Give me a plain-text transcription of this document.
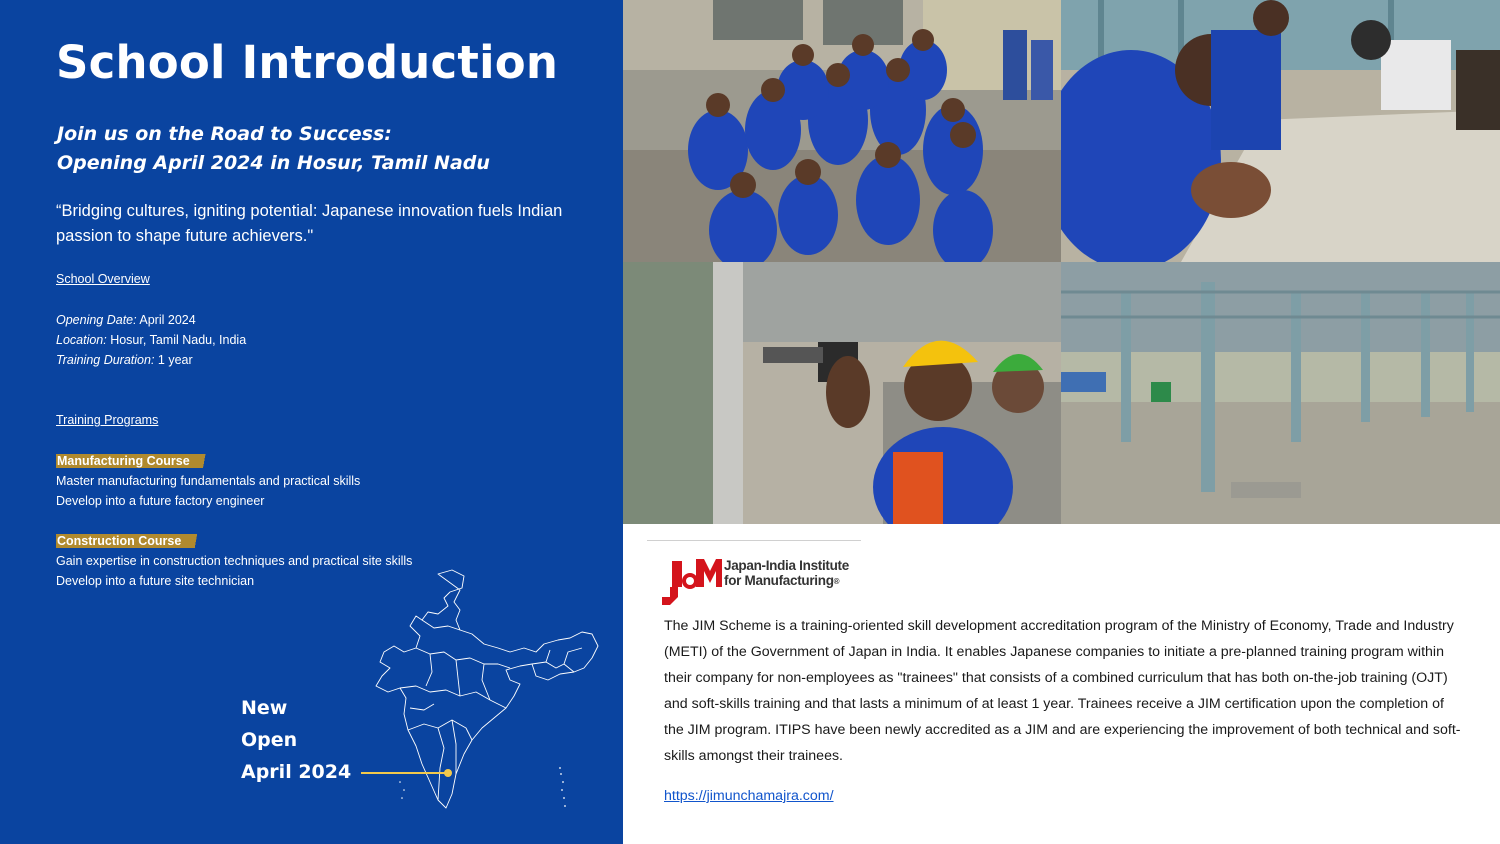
School Introduction
Join us on the Road to Success:
Opening April 2024 in Hosur, Tamil Nadu
“Bridging cultures, igniting potential: Japanese innovation fuels Indian passion to shape future achievers."
School Overview
Opening Date: April 2024
Location: Hosur, Tamil Nadu, India
Training Duration: 1 year
Training Programs
Manufacturing Course
Master manufacturing fundamentals and practical skills
Develop into a future factory engineer
Construction Course
Gain expertise in construction techniques and practical site skills
Develop into a future site technician
New
Open
April 2024
Japan-India Institute
for Manufacturing®
The JIM Scheme is a training-oriented skill development accreditation program of the Ministry of Economy, Trade and Industry (METI) of the Government of Japan in India. It enables Japanese companies to initiate a pre-planned training program within their company for non-employees as "trainees" that consists of a combined curriculum that has both on-the-job training (OJT) and soft-skills training and that lasts a minimum of at least 1 year. Trainees receive a JIM certification upon the completion of the JIM program. ITIPS have been newly accredited as a JIM and are experiencing the improvement of both technical and soft-skills amongst their trainees.
https://jimunchamajra.com/
